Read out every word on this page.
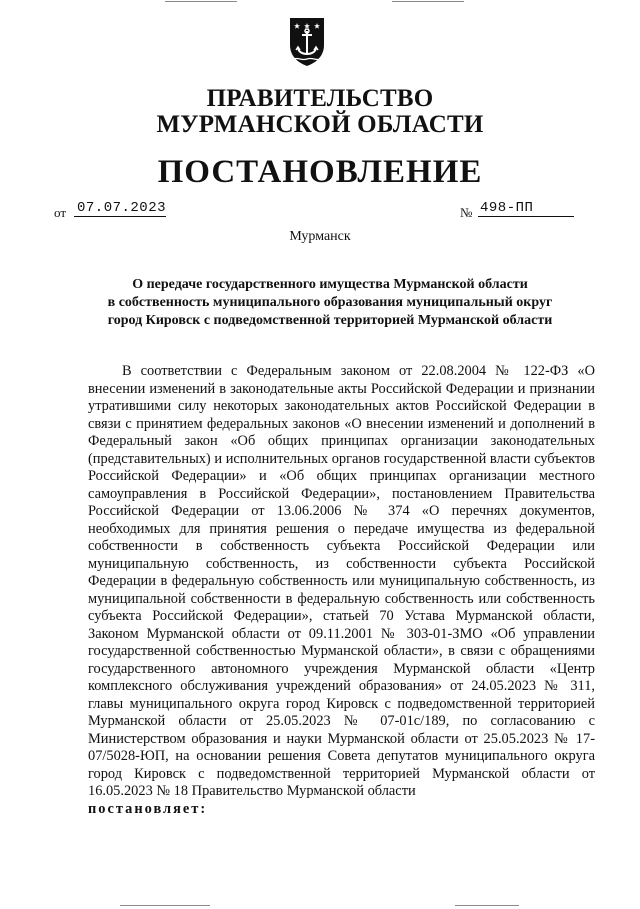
ПРАВИТЕЛЬСТВО
МУРМАНСКОЙ ОБЛАСТИ
ПОСТАНОВЛЕНИЕ
от 07.07.2023	№ 498-ПП
Мурманск
О передаче государственного имущества Мурманской области
в собственность муниципального образования муниципальный округ
город Кировск с подведомственной территорией Мурманской области

В соответствии с Федеральным законом от 22.08.2004 № 122-ФЗ «О внесении изменений в законодательные акты Российской Федерации и признании утратившими силу некоторых законодательных актов Российской Федерации в связи с принятием федеральных законов «О внесении изменений и дополнений в Федеральный закон «Об общих принципах организации законодательных (представительных) и исполнительных органов государственной власти субъектов Российской Федерации» и «Об общих принципах организации местного самоуправления в Российской Федерации», постановлением Правительства Российской Федерации от 13.06.2006 № 374 «О перечнях документов, необходимых для принятия решения о передаче имущества из федеральной собственности в собственность субъекта Российской Федерации или муниципальную собственность, из собственности субъекта Российской Федерации в федеральную собственность или муниципальную собственность, из муниципальной собственности в федеральную собственность или собственность субъекта Российской Федерации», статьей 70 Устава Мурманской области, Законом Мурманской области от 09.11.2001 № 303-01-ЗМО «Об управлении государственной собственностью Мурманской области», в связи с обращениями государственного автономного учреждения Мурманской области «Центр комплексного обслуживания учреждений образования» от 24.05.2023 № 311, главы муниципального округа город Кировск с подведомственной территорией Мурманской области от 25.05.2023 № 07-01с/189, по согласованию с Министерством образования и науки Мурманской области от 25.05.2023 № 17-07/5028-ЮП, на основании решения Совета депутатов муниципального округа город Кировск с подведомственной территорией Мурманской области от 16.05.2023 № 18 Правительство Мурманской области

постановляет:
